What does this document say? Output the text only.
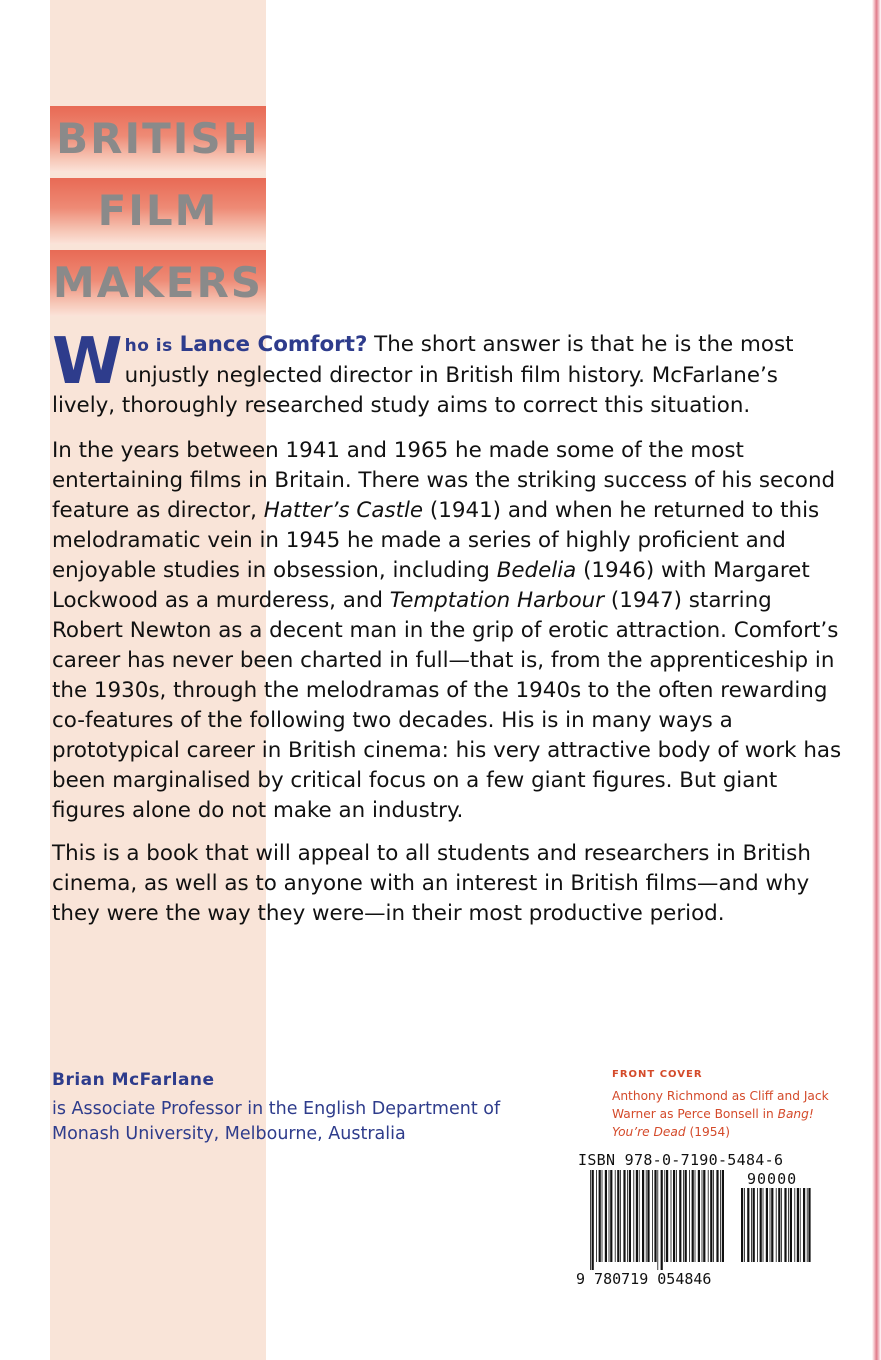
BRITISH
FILM
MAKERS

Who is Lance Comfort? The short answer is that he is the most unjustly neglected director in British film history. McFarlane’s lively, thoroughly researched study aims to correct this situation.

In the years between 1941 and 1965 he made some of the most entertaining films in Britain. There was the striking success of his second feature as director, Hatter’s Castle (1941) and when he returned to this melodramatic vein in 1945 he made a series of highly proficient and enjoyable studies in obsession, including Bedelia (1946) with Margaret Lockwood as a murderess, and Temptation Harbour (1947) starring Robert Newton as a decent man in the grip of erotic attraction. Comfort’s career has never been charted in full—that is, from the apprenticeship in the 1930s, through the melodramas of the 1940s to the often rewarding co-features of the following two decades. His is in many ways a prototypical career in British cinema: his very attractive body of work has been marginalised by critical focus on a few giant figures. But giant figures alone do not make an industry.

This is a book that will appeal to all students and researchers in British cinema, as well as to anyone with an interest in British films—and why they were the way they were—in their most productive period.

Brian McFarlane

is Associate Professor in the English Department of Monash University, Melbourne, Australia

FRONT COVER

Anthony Richmond as Cliff and Jack Warner as Perce Bonsell in Bang! You’re Dead (1954)

ISBN 978-0-7190-5484-6
9 780719 054846
90000
